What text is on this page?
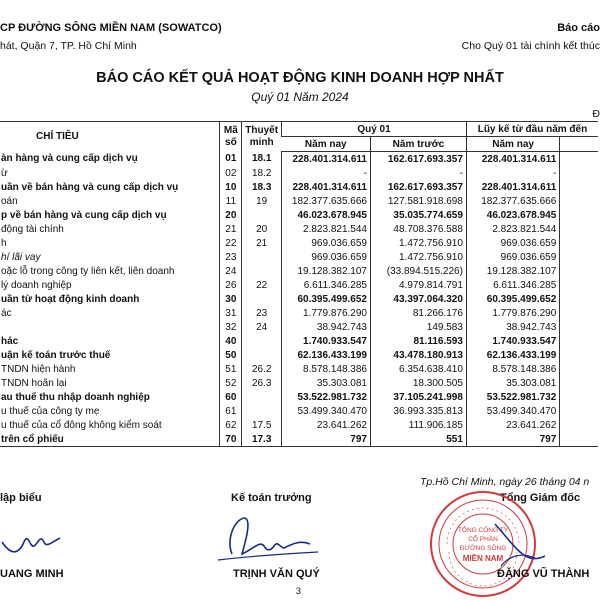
CP ĐƯỜNG SÔNG MIỀN NAM (SOWATCO)
hát, Quận 7, TP. Hồ Chí Minh
Báo cáo
Cho Quý 01 tài chính kết thúc
BÁO CÁO KẾT QUẢ HOẠT ĐỘNG KINH DOANH HỢP NHẤT
Quý 01 Năm 2024
Đ
CHỈ TIÊU	Mã số	Thuyết minh	Quý 01		Lũy kế từ đầu năm đến	
			Năm nay	Năm trước	Năm nay	
àn hàng và cung cấp dịch vụ	01	18.1	228.401.314.611	162.617.693.357	228.401.314.611	
ừ	02	18.2	-	-	-	
uần về bán hàng và cung cấp dịch vụ	10	18.3	228.401.314.611	162.617.693.357	228.401.314.611	
oán	11	19	182.377.635.666	127.581.918.698	182.377.635.666	
p về bán hàng và cung cấp dịch vụ	20		46.023.678.945	35.035.774.659	46.023.678.945	
động tài chính	21	20	2.823.821.544	48.708.376.588	2.823.821.544	
h	22	21	969.036.659	1.472.756.910	969.036.659	
hí lãi vay	23		969.036.659	1.472.756.910	969.036.659	
oặc lỗ trong công ty liên kết, liên doanh	24		19.128.382.107	(33.894.515.226)	19.128.382.107	
lý doanh nghiệp	26	22	6.611.346.285	4.979.814.791	6.611.346.285	
uần từ hoạt động kinh doanh	30		60.395.499.652	43.397.064.320	60.395.499.652	
ác	31	23	1.779.876.290	81.266.176	1.779.876.290	
	32	24	38.942.743	149.583	38.942.743	
hác	40		1.740.933.547	81.116.593	1.740.933.547	
uận kế toán trước thuế	50		62.136.433.199	43.478.180.913	62.136.433.199	
TNDN hiện hành	51	26.2	8.578.148.386	6.354.638.410	8.578.148.386	
TNDN hoãn lại	52	26.3	35.303.081	18.300.505	35.303.081	
au thuế thu nhập doanh nghiệp	60		53.522.981.732	37.105.241.998	53.522.981.732	
u thuế của công ty mẹ	61		53.499.340.470	36.993.335.813	53.499.340.470	
u thuế của cổ đông không kiểm soát	62	17.5	23.641.262	111.906.185	23.641.262	
trên cổ phiếu	70	17.3	797	551	797	
Tp.Hồ Chí Minh, ngày 26 tháng 04 n
lập biểu	Kế toán trưởng	Tổng Giám đốc
TỔNG CÔNG TY
CỔ PHẦN
ĐƯỜNG SÔNG
MIỀN NAM
UANG MINH	TRỊNH VĂN QUÝ	ĐẶNG VŨ THÀNH
3
